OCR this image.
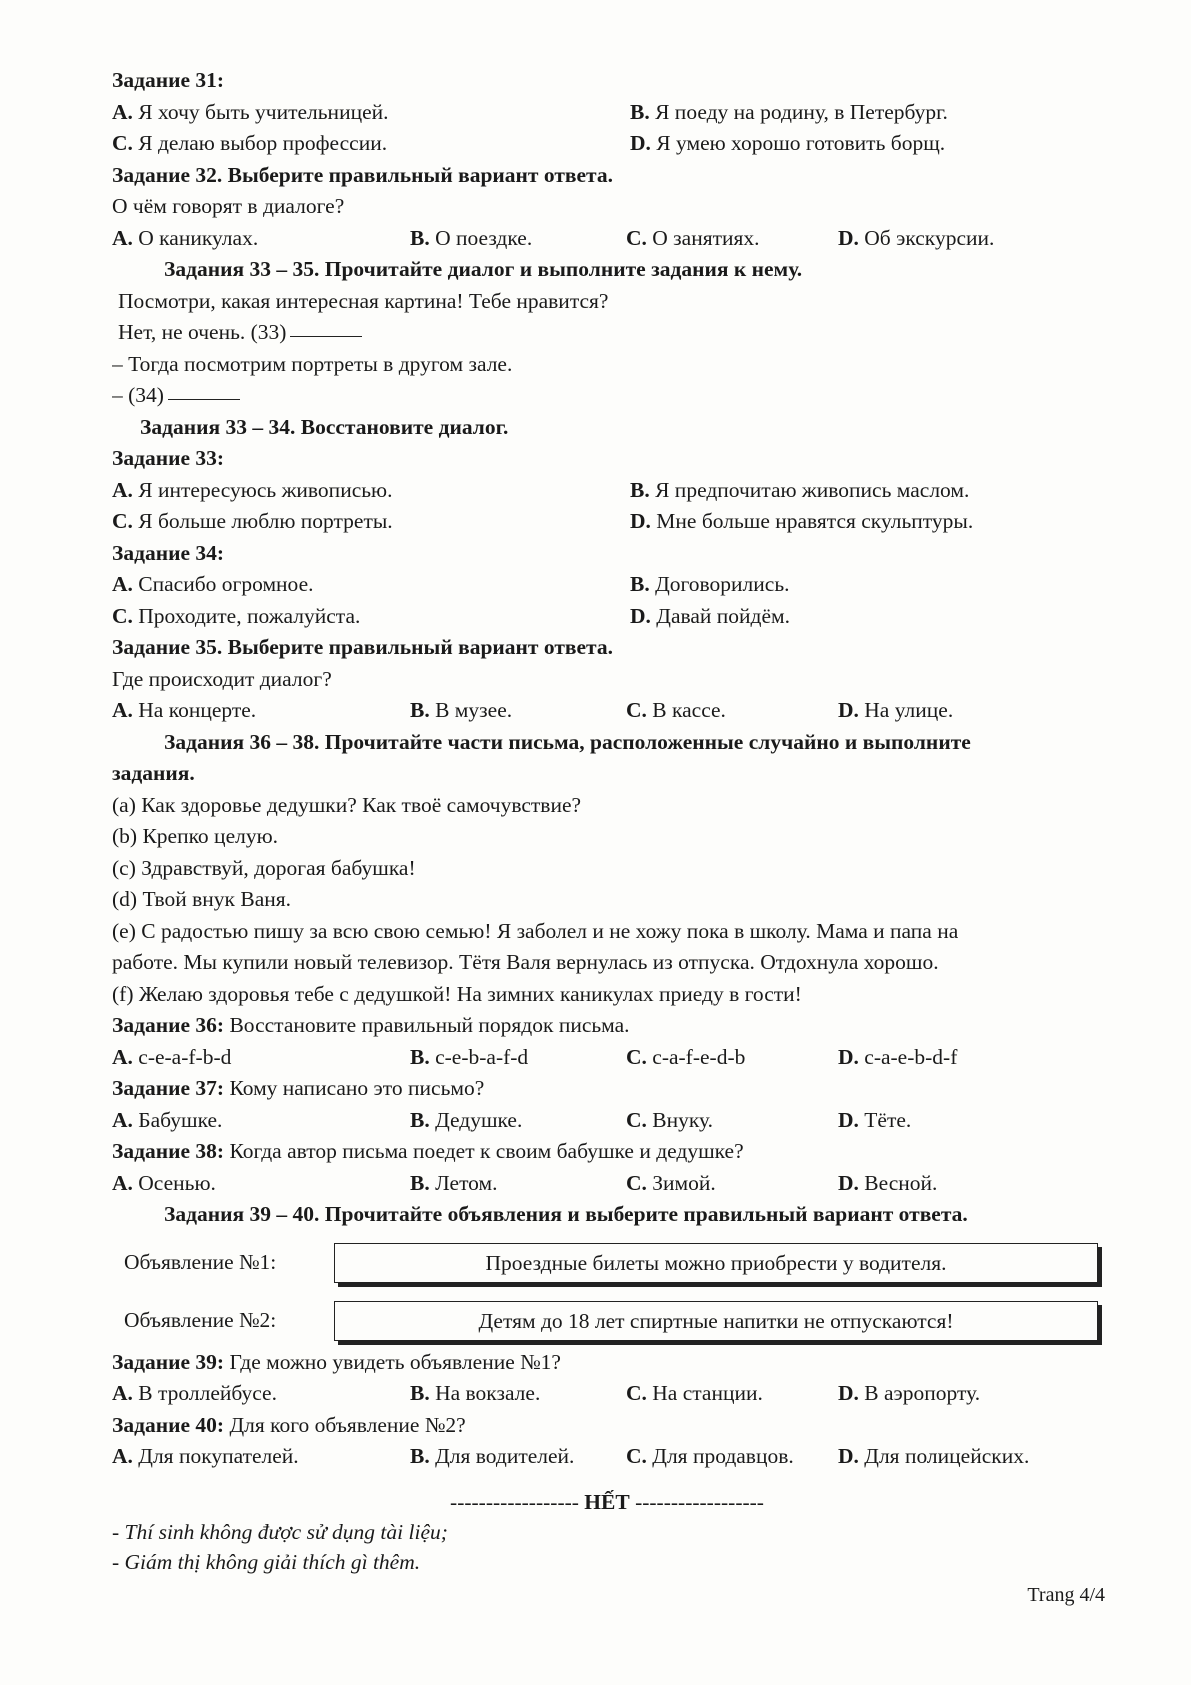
Задание 31:
A. Я хочу быть учительницей.	B. Я поеду на родину, в Петербург.
C. Я делаю выбор профессии.	D. Я умею хорошо готовить борщ.
Задание 32. Выберите правильный вариант ответа.
О чём говорят в диалоге?
A. О каникулах.	B. О поездке.	C. О занятиях.	D. Об экскурсии.
Задания 33 – 35. Прочитайте диалог и выполните задания к нему.
Посмотри, какая интересная картина! Тебе нравится?
Нет, не очень. (33)
– Тогда посмотрим портреты в другом зале.
– (34)
Задания 33 – 34. Восстановите диалог.
Задание 33:
A. Я интересуюсь живописью.	B. Я предпочитаю живопись маслом.
C. Я больше люблю портреты.	D. Мне больше нравятся скульптуры.
Задание 34:
A. Спасибо огромное.	B. Договорились.
C. Проходите, пожалуйста.	D. Давай пойдём.
Задание 35. Выберите правильный вариант ответа.
Где происходит диалог?
A. На концерте.	B. В музее.	C. В кассе.	D. На улице.
Задания 36 – 38. Прочитайте части письма, расположенные случайно и выполните
задания.
(a) Как здоровье дедушки? Как твоё самочувствие?
(b) Крепко целую.
(c) Здравствуй, дорогая бабушка!
(d) Твой внук Ваня.
(e) С радостью пишу за всю свою семью! Я заболел и не хожу пока в школу. Мама и папа на
работе. Мы купили новый телевизор. Тётя Валя вернулась из отпуска. Отдохнула хорошо.
(f) Желаю здоровья тебе с дедушкой! На зимних каникулах приеду в гости!
Задание 36: Восстановите правильный порядок письма.
A. c-e-a-f-b-d	B. c-e-b-a-f-d	C. c-a-f-e-d-b	D. c-a-e-b-d-f
Задание 37: Кому написано это письмо?
A. Бабушке.	B. Дедушке.	C. Внуку.	D. Тёте.
Задание 38: Когда автор письма поедет к своим бабушке и дедушке?
A. Осенью.	B. Летом.	C. Зимой.	D. Весной.
Задания 39 – 40. Прочитайте объявления и выберите правильный вариант ответа.
Объявление №1:	Проездные билеты можно приобрести у водителя.
Объявление №2:	Детям до 18 лет спиртные напитки не отпускаются!
Задание 39: Где можно увидеть объявление №1?
A. В троллейбусе.	B. На вокзале.	C. На станции.	D. В аэропорту.
Задание 40: Для кого объявление №2?
A. Для покупателей.	B. Для водителей.	C. Для продавцов.	D. Для полицейских.
------------------ HẾT ------------------
- Thí sinh không được sử dụng tài liệu;
- Giám thị không giải thích gì thêm.
Trang 4/4
